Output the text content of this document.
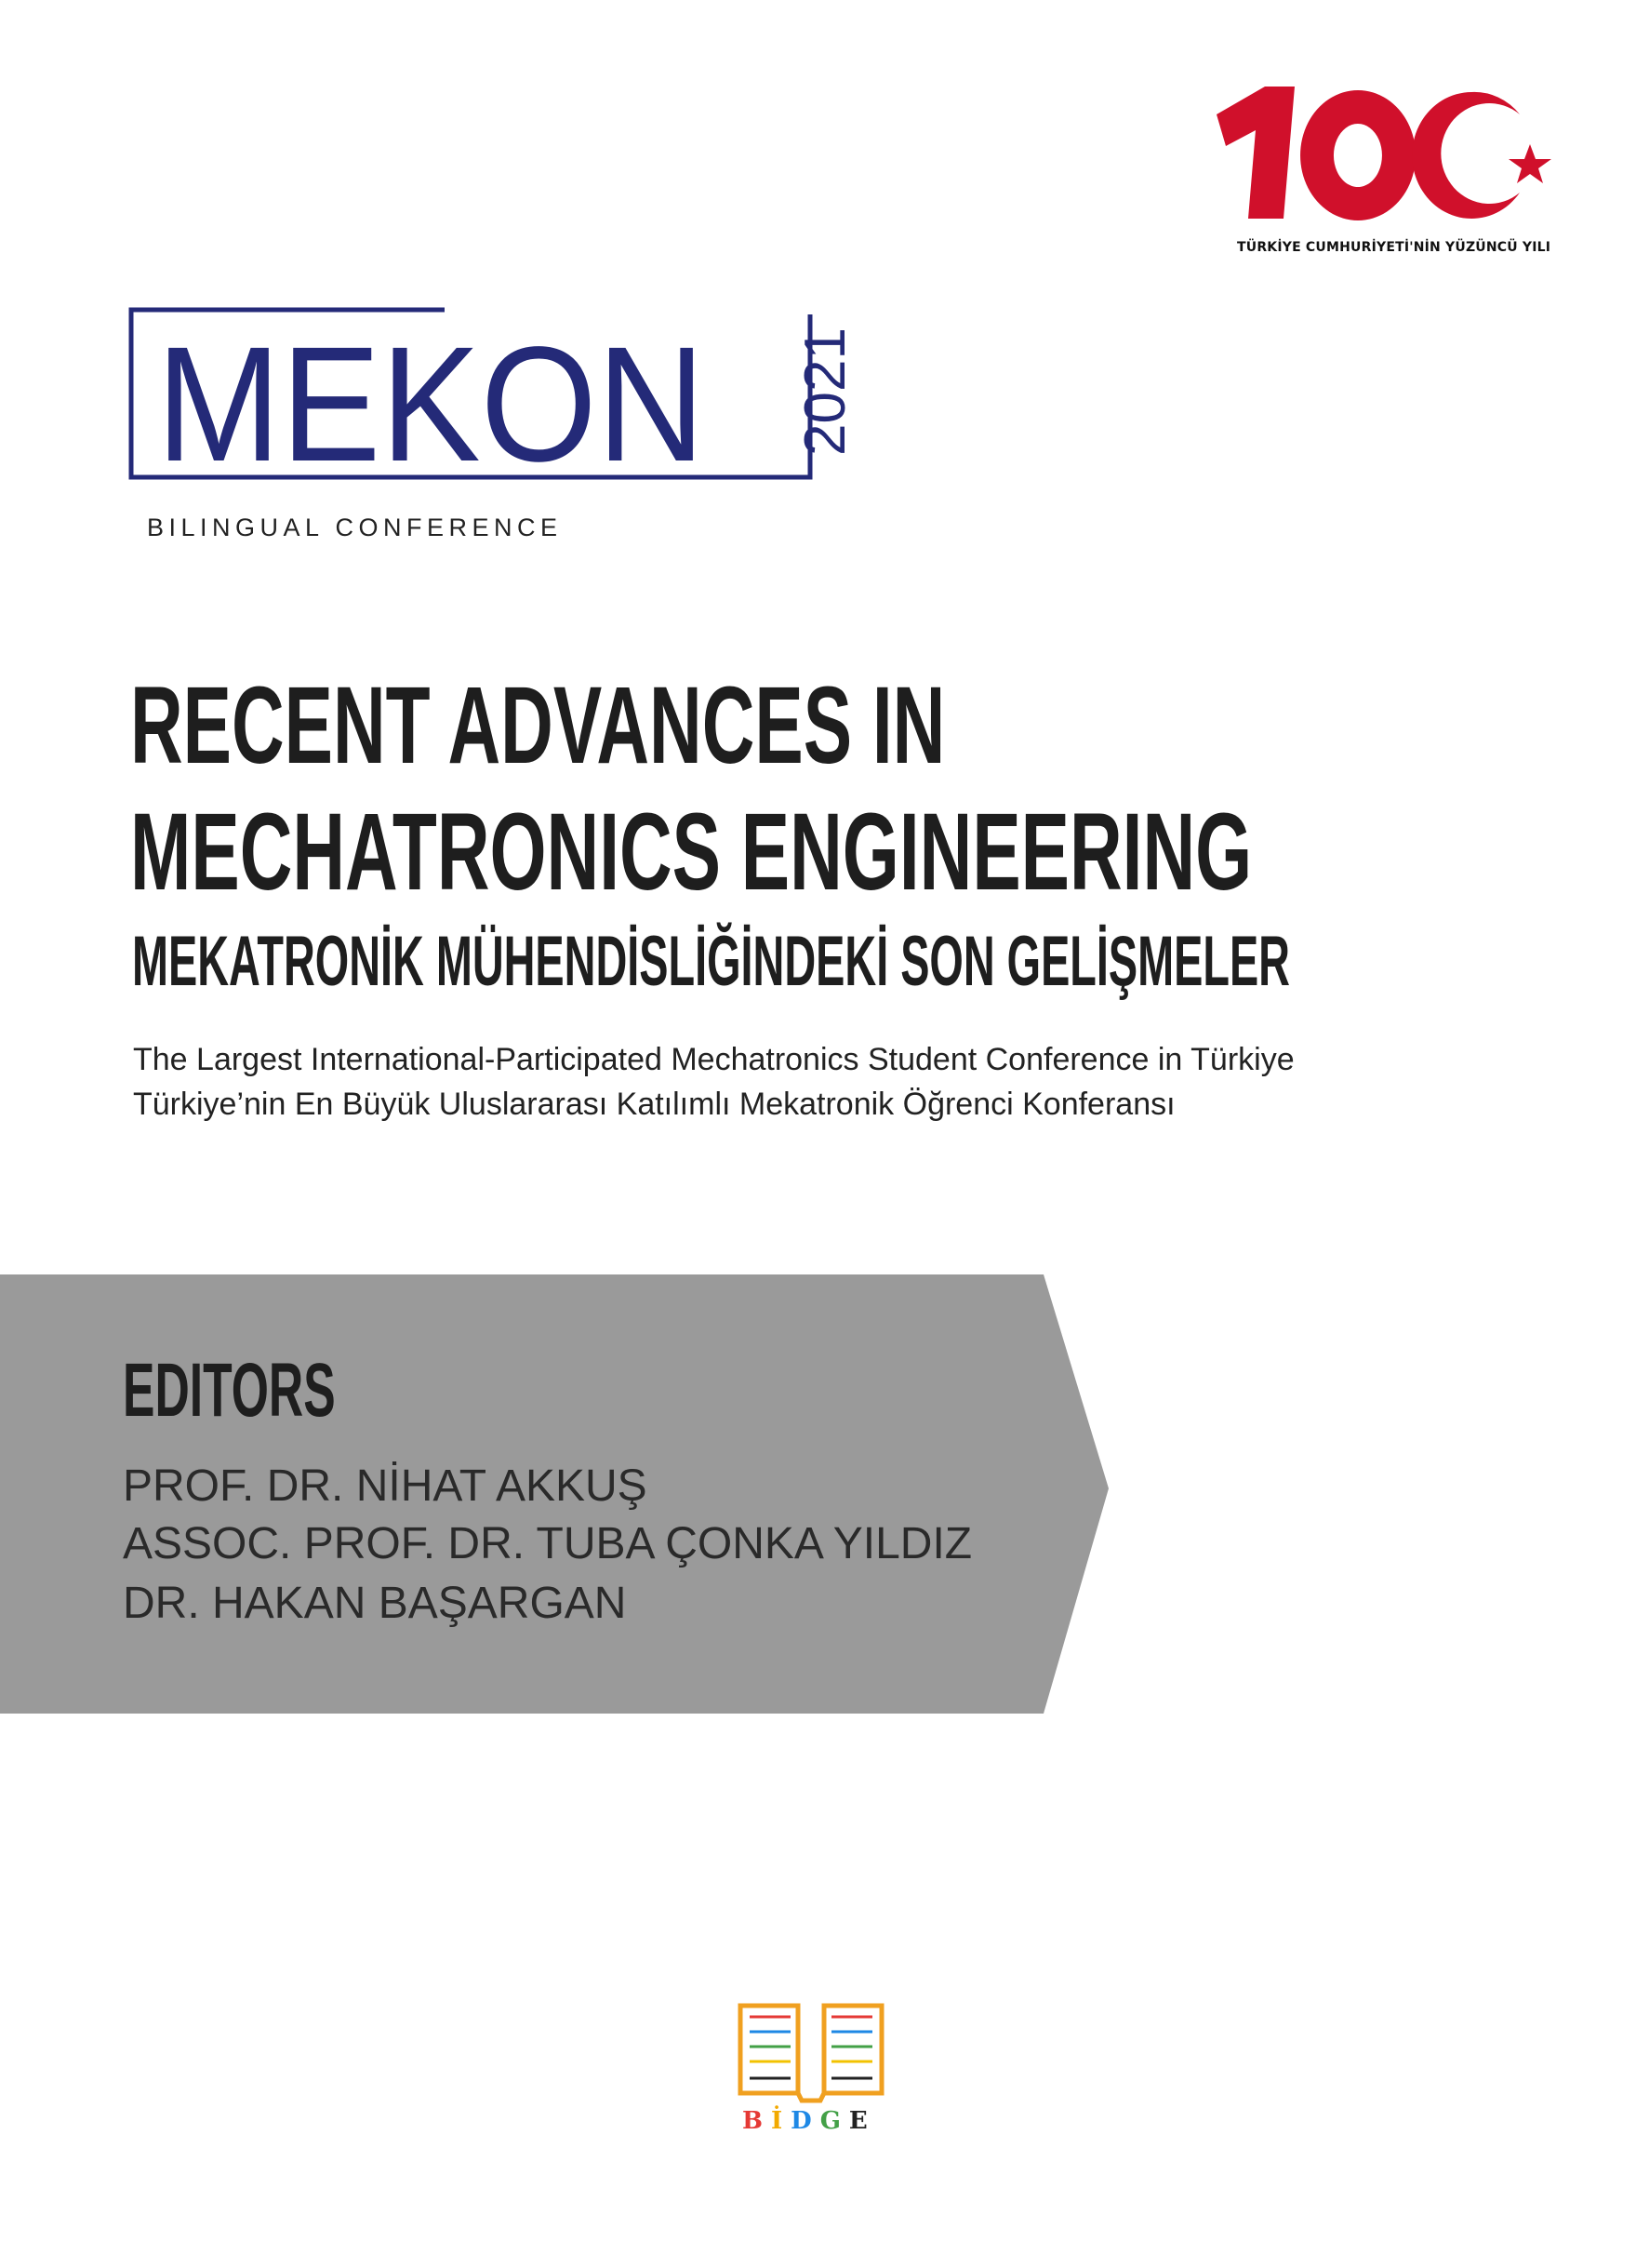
TÜRKİYE CUMHURİYETİ'NİN YÜZÜNCÜ YILI
MEKON 2021
BILINGUAL CONFERENCE
RECENT ADVANCES IN
MECHATRONICS ENGINEERING
MEKATRONİK MÜHENDİSLİĞİNDEKİ SON GELİŞMELER
The Largest International-Participated Mechatronics Student Conference in Türkiye
Türkiye’nin En Büyük Uluslararası Katılımlı Mekatronik Öğrenci Konferansı
EDITORS
PROF. DR. NİHAT AKKUŞ
ASSOC. PROF. DR. TUBA ÇONKA YILDIZ
DR. HAKAN BAŞARGAN
BİDGE
